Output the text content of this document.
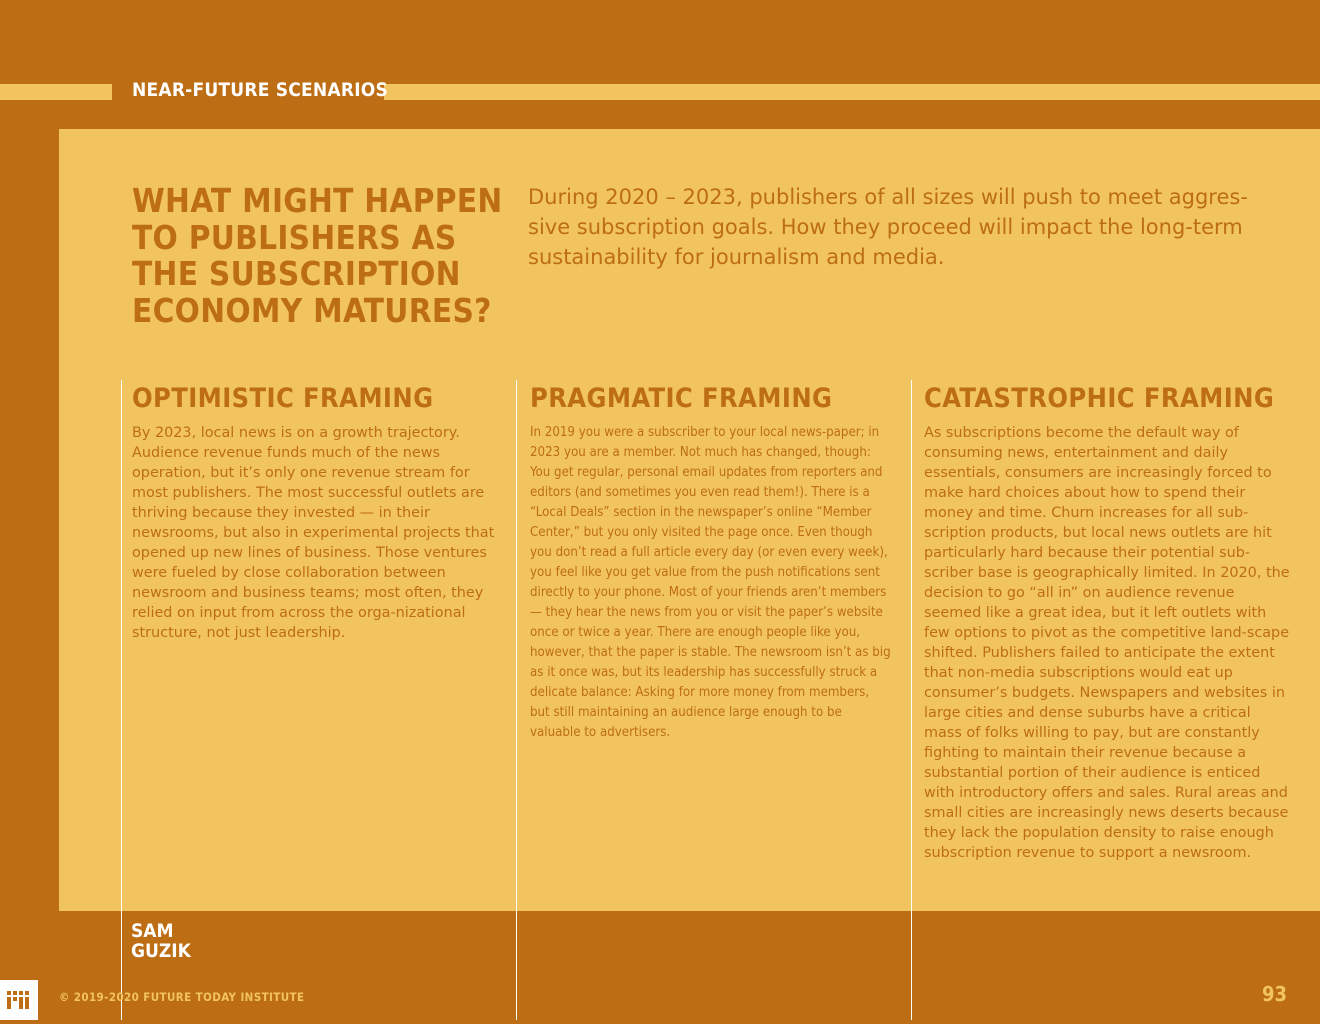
NEAR-FUTURE SCENARIOS
WHAT MIGHT HAPPEN TO PUBLISHERS AS THE SUBSCRIPTION ECONOMY MATURES?

During 2020 – 2023, publishers of all sizes will push to meet aggres-sive subscription goals. How they proceed will impact the long-term sustainability for journalism and media.

OPTIMISTIC FRAMING

By 2023, local news is on a growth trajectory. Audience revenue funds much of the news operation, but it’s only one revenue stream for most publishers. The most successful outlets are thriving because they invested — in their newsrooms, but also in experimental projects that opened up new lines of business. Those ventures were fueled by close collaboration between newsroom and business teams; most often, they relied on input from across the orga-nizational structure, not just leadership.

PRAGMATIC FRAMING

In 2019 you were a subscriber to your local news-paper; in 2023 you are a member. Not much has changed, though: You get regular, personal email updates from reporters and editors (and sometimes you even read them!). There is a “Local Deals” section in the newspaper’s online “Member Center,” but you only visited the page once. Even though you don’t read a full article every day (or even every week), you feel like you get value from the push notifications sent directly to your phone. Most of your friends aren’t members — they hear the news from you or visit the paper’s website once or twice a year. There are enough people like you, however, that the paper is stable. The newsroom isn’t as big as it once was, but its leadership has successfully struck a delicate balance: Asking for more money from members, but still maintaining an audience large enough to be valuable to advertisers.

CATASTROPHIC FRAMING

As subscriptions become the default way of consuming news, entertainment and daily essentials, consumers are increasingly forced to make hard choices about how to spend their money and time. Churn increases for all sub-scription products, but local news outlets are hit particularly hard because their potential sub-scriber base is geographically limited. In 2020, the decision to go “all in” on audience revenue seemed like a great idea, but it left outlets with few options to pivot as the competitive land-scape shifted. Publishers failed to anticipate the extent that non-media subscriptions would eat up consumer’s budgets. Newspapers and websites in large cities and dense suburbs have a critical mass of folks willing to pay, but are constantly fighting to maintain their revenue because a substantial portion of their audience is enticed with introductory offers and sales. Rural areas and small cities are increasingly news deserts because they lack the population density to raise enough subscription revenue to support a newsroom.

SAM
GUZIK
© 2019-2020 FUTURE TODAY INSTITUTE	93
